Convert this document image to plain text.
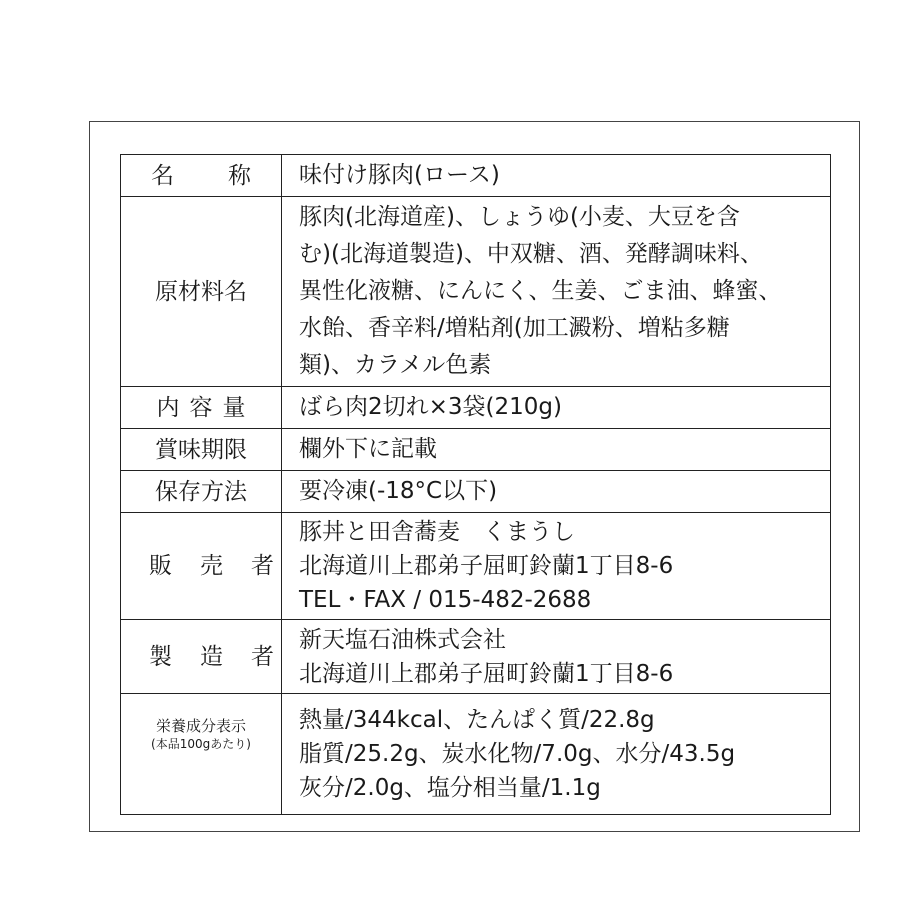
名 称	味付け豚肉(ロース)
原材料名	豚肉(北海道産)、しょうゆ(小麦、大豆を含
む)(北海道製造)、中双糖、酒、発酵調味料、
異性化液糖、にんにく、生姜、ごま油、蜂蜜、
水飴、香辛料/増粘剤(加工澱粉、増粘多糖
類)、カラメル色素
内容量	ばら肉2切れ×3袋(210g)
賞味期限	欄外下に記載
保存方法	要冷凍(-18°C以下)
販売者	豚丼と田舎蕎麦　くまうし
北海道川上郡弟子屈町鈴蘭1丁目8-6
TEL・FAX / 015-482-2688
製造者	新天塩石油株式会社
北海道川上郡弟子屈町鈴蘭1丁目8-6
栄養成分表示
(本品100gあたり)	熱量/344kcal、たんぱく質/22.8g
脂質/25.2g、炭水化物/7.0g、水分/43.5g
灰分/2.0g、塩分相当量/1.1g
